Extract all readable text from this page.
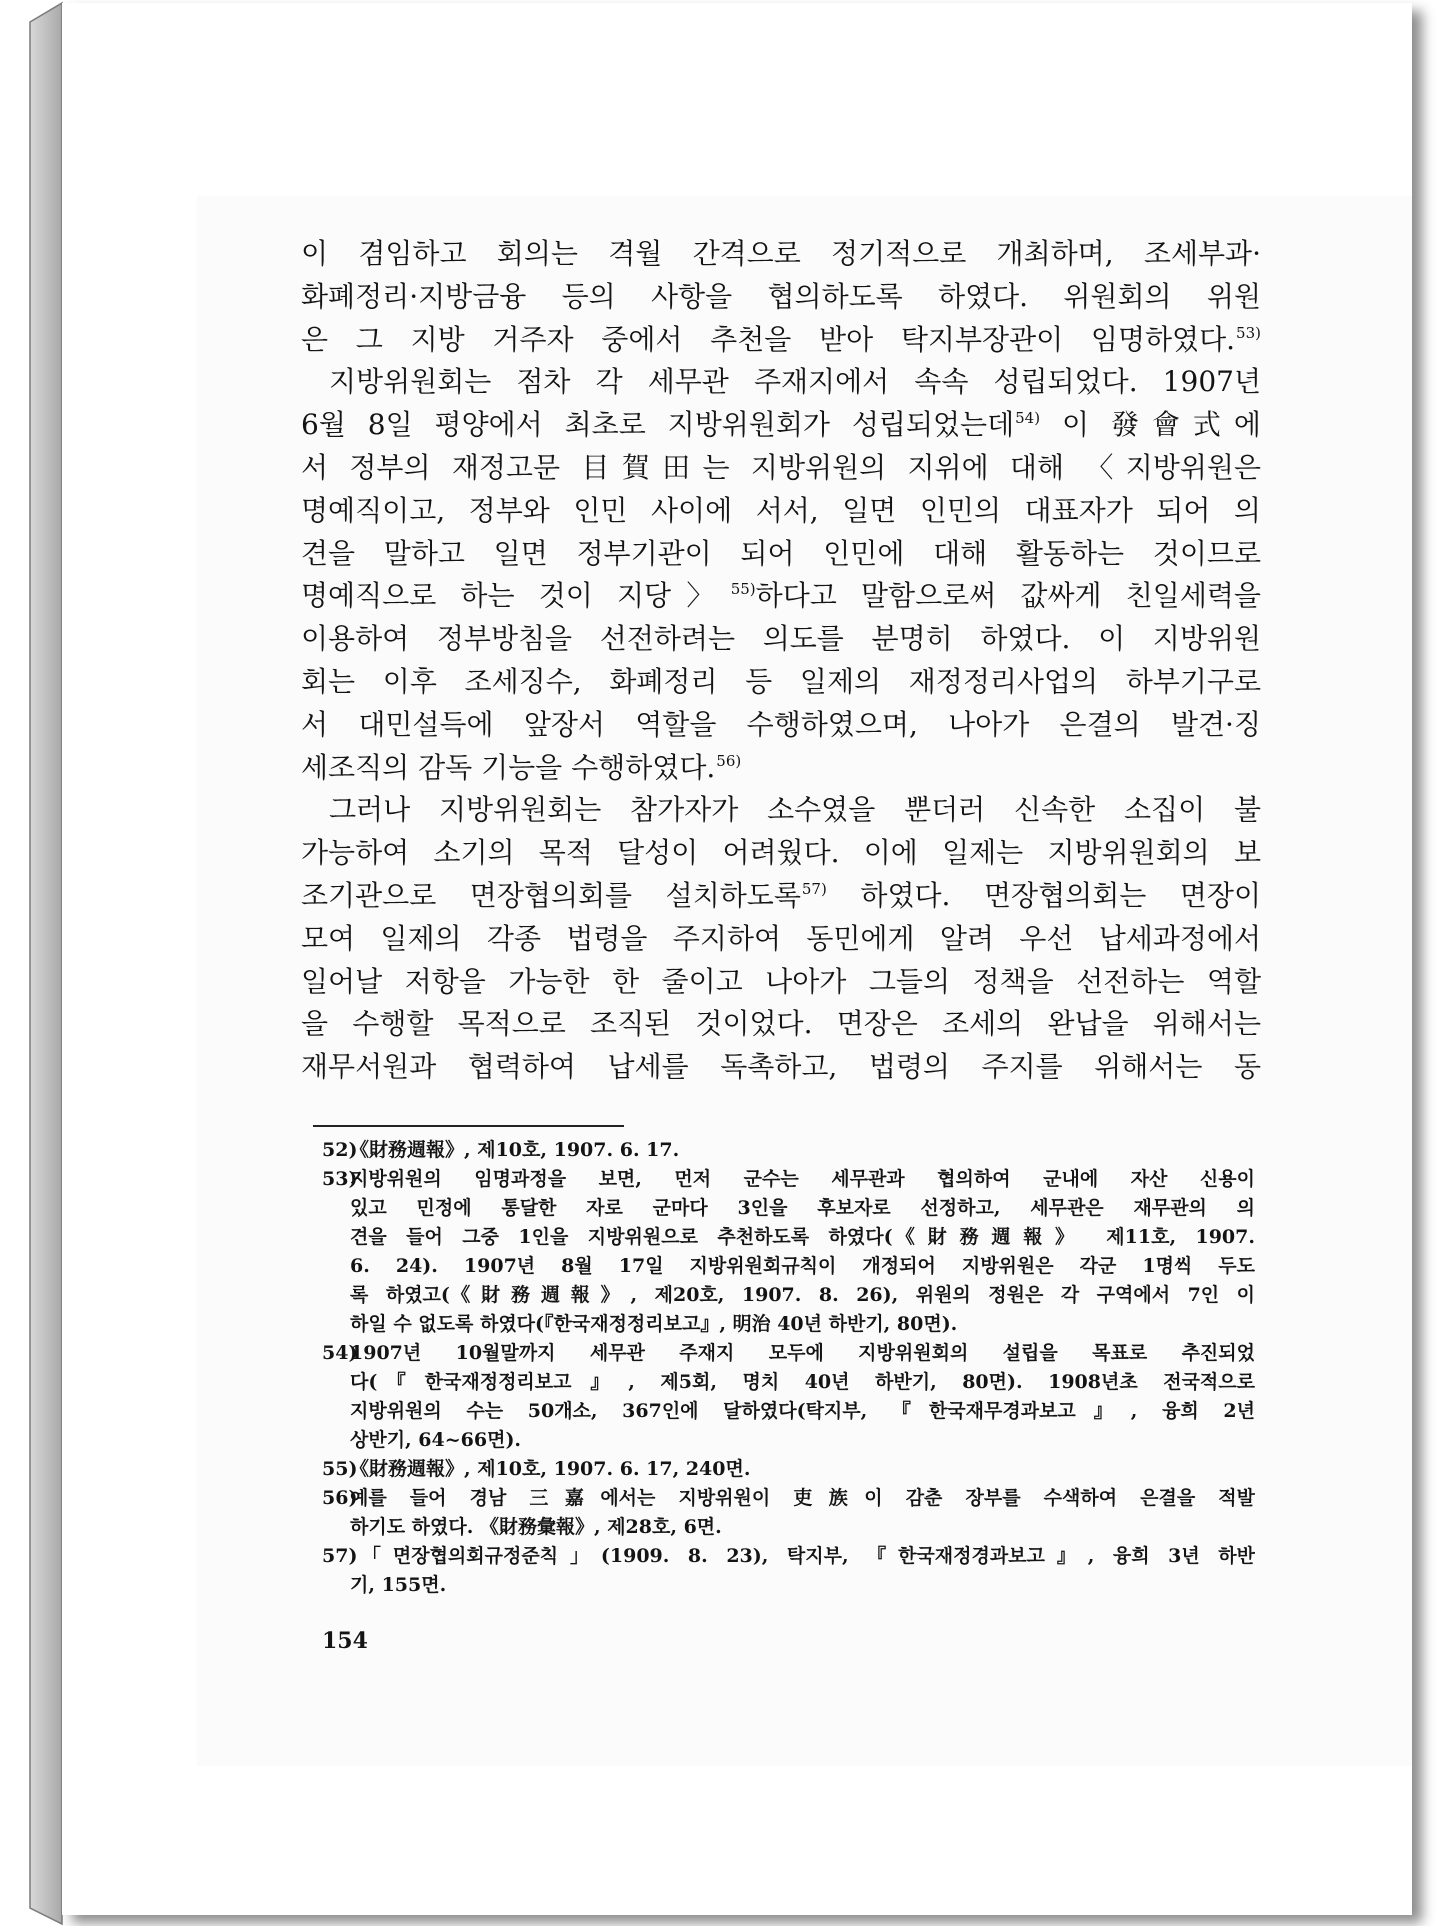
이 겸임하고 회의는 격월 간격으로 정기적으로 개최하며, 조세부과·
화폐정리·지방금융 등의 사항을 협의하도록 하였다. 위원회의 위원
은 그 지방 거주자 중에서 추천을 받아 탁지부장관이 임명하였다.$^{53)}$
지방위원회는 점차 각 세무관 주재지에서 속속 성립되었다. 1907년
6월 8일 평양에서 최초로 지방위원회가 성립되었는데$^{54)}$ 이 發會式에
서 정부의 재정고문 目賀田는 지방위원의 지위에 대해 〈지방위원은
명예직이고, 정부와 인민 사이에 서서, 일면 인민의 대표자가 되어 의
견을 말하고 일면 정부기관이 되어 인민에 대해 활동하는 것이므로
명예직으로 하는 것이 지당〉$^{55)}$하다고 말함으로써 값싸게 친일세력을
이용하여 정부방침을 선전하려는 의도를 분명히 하였다. 이 지방위원
회는 이후 조세징수, 화폐정리 등 일제의 재정정리사업의 하부기구로
서 대민설득에 앞장서 역할을 수행하였으며, 나아가 은결의 발견·징
세조직의 감독 기능을 수행하였다.$^{56)}$
그러나 지방위원회는 참가자가 소수였을 뿐더러 신속한 소집이 불
가능하여 소기의 목적 달성이 어려웠다. 이에 일제는 지방위원회의 보
조기관으로 면장협의회를 설치하도록$^{57)}$ 하였다. 면장협의회는 면장이
모여 일제의 각종 법령을 주지하여 동민에게 알려 우선 납세과정에서
일어날 저항을 가능한 한 줄이고 나아가 그들의 정책을 선전하는 역할
을 수행할 목적으로 조직된 것이었다. 면장은 조세의 완납을 위해서는
재무서원과 협력하여 납세를 독촉하고, 법령의 주지를 위해서는 동
52)《財務週報》, 제10호, 1907. 6. 17.
53)지방위원의 임명과정을 보면, 먼저 군수는 세무관과 협의하여 군내에 자산 신용이
있고 민정에 통달한 자로 군마다 3인을 후보자로 선정하고, 세무관은 재무관의 의
견을 들어 그중 1인을 지방위원으로 추천하도록 하였다(《財務週報》 제11호, 1907.
6. 24). 1907년 8월 17일 지방위원회규칙이 개정되어 지방위원은 각군 1명씩 두도
록 하였고(《財務週報》, 제20호, 1907. 8. 26), 위원의 정원은 각 구역에서 7인 이
하일 수 없도록 하였다(『한국재정정리보고』, 明治 40년 하반기, 80면).
54)1907년 10월말까지 세무관 주재지 모두에 지방위원회의 설립을 목표로 추진되었
다(『한국재정정리보고』, 제5회, 명치 40년 하반기, 80면). 1908년초 전국적으로
지방위원의 수는 50개소, 367인에 달하였다(탁지부, 『한국재무경과보고』, 융희 2년
상반기, 64~66면).
55)《財務週報》, 제10호, 1907. 6. 17, 240면.
56)예를 들어 경남 三嘉에서는 지방위원이 吏族이 감춘 장부를 수색하여 은결을 적발
하기도 하였다. 《財務彙報》, 제28호, 6면.
57)「면장협의회규정준칙」(1909. 8. 23), 탁지부, 『한국재정경과보고』, 융희 3년 하반
기, 155면.
154
